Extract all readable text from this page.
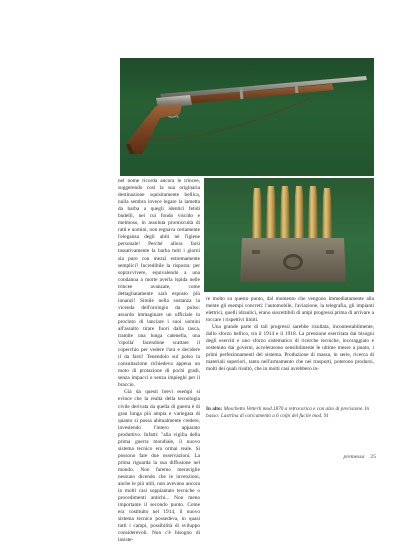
nel nome ricorda ancora le trincee, suggerendo così la sua originaria destinazione squisitamente bellica, nulla sembra invece legare la lametta da barba a quegli identici fetidi budelli, nei cui fondo viscido e melmoso, in assoluta promiscuità di ratti e uomini, non regnava certamente l'eleganza degli abiti né l'igiene personale! Perché allora farsi tassativamente la barba tutti i giorni sia pure con mezzi estremamente semplici? Incredibile la risposta: per sopravvivere, equivalendo a una condanna a morte averla ispida nelle trincee avanzate, come dettagliatamente sarà esposto più innanzi! Simile nella sostanza la vicenda dell'orologio da polso: assurdo immaginare un ufficiale in procinto di lanciare i suoi uomini all'assalto tirare fuori dalla tasca, tramite una lunga catenella, una 'cipolla' facendone scattare il coperchio per vedere l'ora e decidere il da farsi! Tenendolo sul polso la consultazione richiedeva appena un moto di protazione di pochi gradi, senza impacci e senza impieghi per il braccio.

Già da questi brevi esempi si evince che la realtà della tecnologia civile derivata da quella di guerra è di gran lunga più ampia e variegata di quanto si possa abitualmente credere, investendo l'intero apparato produttivo. Infatti: "alla vigilia della prima guerra mondiale, il nuovo sistema tecnico era ormai reale. Si possono fare due osservazioni. La prima riguarda la sua diffusione nel mondo. Non faremo meraviglie nessuno dicendo che le invenzioni, anche le più utili, non avevano ancora in molti casi soppiantato tecniche o procedimenti antichi... Non meno importante il secondo punto. Come era costituito nel 1914, il nuovo sistema tecnico possedeva, in quasi tutti i campi, possibilità di sviluppo considerevoli. Non c'è bisogno di insiste-

re molto su questo punto, dal momento che vengono immediatamente alla mente gli esempi concreti: l'automobile, l'aviazione, la telegrafia, gli impianti elettrici, quelli idraulici, erano suscettibili di ampi progressi prima di arrivare a toccare i rispettivi limiti.

Una grande parte di tali progressi sarebbe risultata, incontestabilmente, dallo sforzo bellico, tra il 1914 e il 1918. La pressione esercitata dai bisogni degli eserciti e uno sforzo sistematico di ricerche tecniche, incoraggiato e sostenuto dai governi, accelerarono sensibilmente le ultime messe a punto, i primi perfezionamenti del sistema. Produzione di massa, in serie, ricerca di materiali superiori, tanto nell'armamento che nei trasporti, poterono prodursi, molti dei quali risultò, che in molti casi avrebbero in-

In alto: Moschetto Vetterli mod.1870 a retrocarica e con alzo di precisione. In basso: Lastrina di caricamento a 6 colpi del fucile mod. 91
premessa 25
